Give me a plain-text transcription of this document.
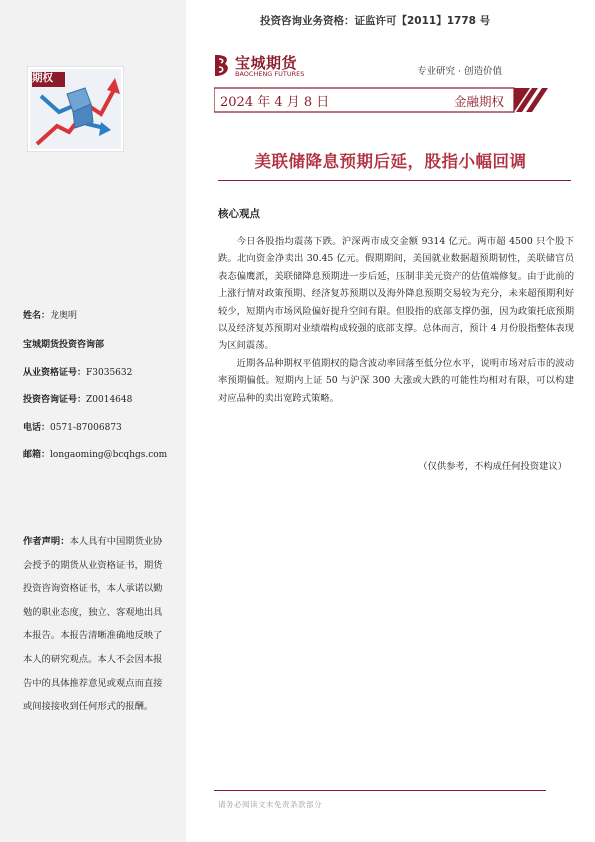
期权
投资咨询业务资格：证监许可【2011】1778 号
宝城期货
BAOCHENG FUTURES	专业研究 · 创造价值
2024 年 4 月 8 日	金融期权
美联储降息预期后延，股指小幅回调
核心观点

今日各股指均震荡下跌。沪深两市成交金额 9314 亿元。两市超 4500 只个股下跌。北向资金净卖出 30.45 亿元。假期期间，美国就业数据超预期韧性，美联储官员表态偏鹰派，美联储降息预期进一步后延，压制非美元资产的估值端修复。由于此前的上涨行情对政策预期、经济复苏预期以及海外降息预期交易较为充分，未来超预期利好较少，短期内市场风险偏好提升空间有限。但股指的底部支撑仍强，因为政策托底预期以及经济复苏预期对业绩端构成较强的底部支撑。总体而言，预计 4 月份股指整体表现为区间震荡。

近期各品种期权平值期权的隐含波动率回落至低分位水平，说明市场对后市的波动率预期偏低。短期内上证 50 与沪深 300 大涨或大跌的可能性均相对有限，可以构建对应品种的卖出宽跨式策略。

（仅供参考，不构成任何投资建议）
姓名：龙奥明
宝城期货投资咨询部
从业资格证号：F3035632
投资咨询证号：Z0014648
电话：0571-87006873
邮箱：longaoming@bcqhgs.com
作者声明：本人具有中国期货业协会授予的期货从业资格证书，期货投资咨询资格证书，本人承诺以勤勉的职业态度，独立、客观地出具本报告。本报告清晰准确地反映了本人的研究观点。本人不会因本报告中的具体推荐意见或观点而直接或间接接收到任何形式的报酬。
请务必阅读文末免责条款部分
